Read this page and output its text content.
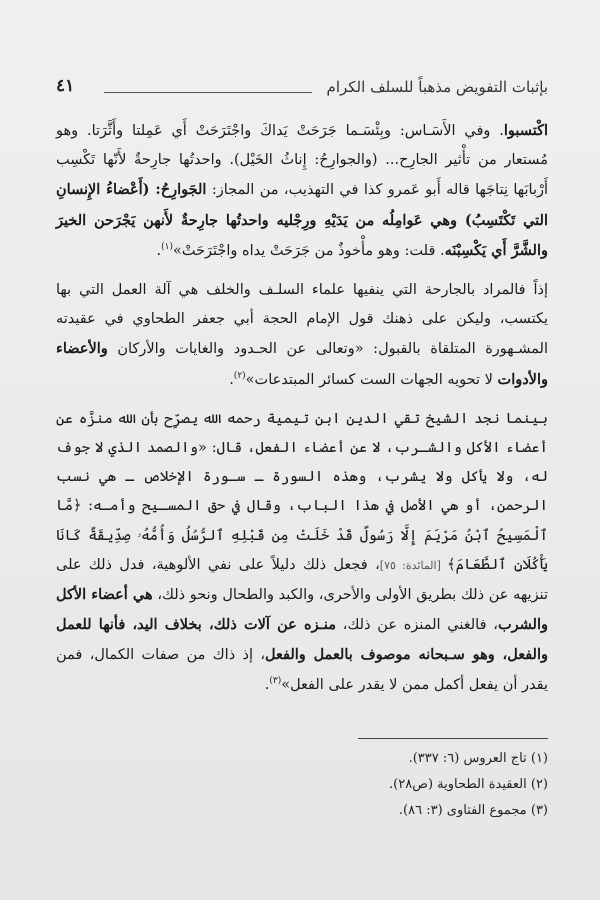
بإثبات التفويض مذهباً للسلف الكرام
٤١

اكْتسبوا. وفي الأَسَـاس: وبِئْسَـما جَرَحَتْ يَداكَ واجْتَرَحَتْ أَي عَمِلتا وأَثَّرَتا. وهو مُستعار من تأْثير الجارِح... (والجوارِحُ: إِناثُ الخَيْل). واحدتُها جارِحةٌ لأَنّها تَكْسِب أَرْبابَها نِتاجَها قاله أَبو عَمرو كذا في التهذيب، من المجاز: الجَوارِحُ: (أَعْضاءُ الإِنسانِ التي تَكْتَسِبُ) وهي عَوامِلُه من يَدَيْهِ ورِجْليه واحدتُها جارِحةٌ لأَنهن يَجْرَحن الخيرَ والشَّرَّ أَي يَكْسِبْنَه. قلت: وهو مأْخوذٌ من جَرَحَتْ يداه واجْتَرَحَتْ»$^{(١)}$.

إذاً فالمراد بالجارحة التي ينفيها علماء السلـف والخلف هي آلة العمل التي بها يكتسب، وليكن على ذهنك قول الإمام الحجة أبي جعفر الطحاوي في عقيدته المشـهورة المتلقاة بالقبول: «وتعالى عن الحـدود والغايات والأركان والأعضاء والأدوات لا تحويه الجهات الست كسائر المبتدعات»$^{(٢)}$.

بينما نجد الشيخ تقي الدين ابن تيمية رحمه الله يصرِّح بأن الله منزَّه عن أعضاء الأكل والشـرب، لا عن أعضاء الفعل، قال: «والصمد الذي لا جوف له، ولا يأكل ولا يشرب، وهذه السورة ـ سـورة الإخلاص ـ هي نسب الرحمن، أو هي الأصل في هذا الباب، وقال في حق المسـيح وأمـه: ﴿مَّا ٱلْمَسِيحُ ٱبْنُ مَرْيَمَ إِلَّا رَسُولٌ قَدْ خَلَتْ مِن قَبْلِهِ ٱلرُّسُلُ وَأُمُّهُۥ صِدِّيقَةٌ كَانَا يَأْكُلَانِ ٱلطَّعَامَ﴾ [المائدة: ٧٥]، فجعل ذلك دليلاً على نفي الألوهية، فدل ذلك على تنزيهه عن ذلك بطريق الأولى والأحرى، والكبد والطحال ونحو ذلك، هي أعضاء الأكل والشرب، فالغني المنزه عن ذلك، منـزه عن آلات ذلك، بخلاف اليد، فأنها للعمل والفعل، وهو سـبحانه موصوف بالعمل والفعل، إذ ذاك من صفات الكمال، فمن يقدر أن يفعل أكمل ممن لا يقدر على الفعل»$^{(٣)}$.

(١) تاج العروس (٦: ٣٣٧).
(٢) العقيدة الطحاوية (ص٢٨).
(٣) مجموع الفتاوى (٣: ٨٦).
